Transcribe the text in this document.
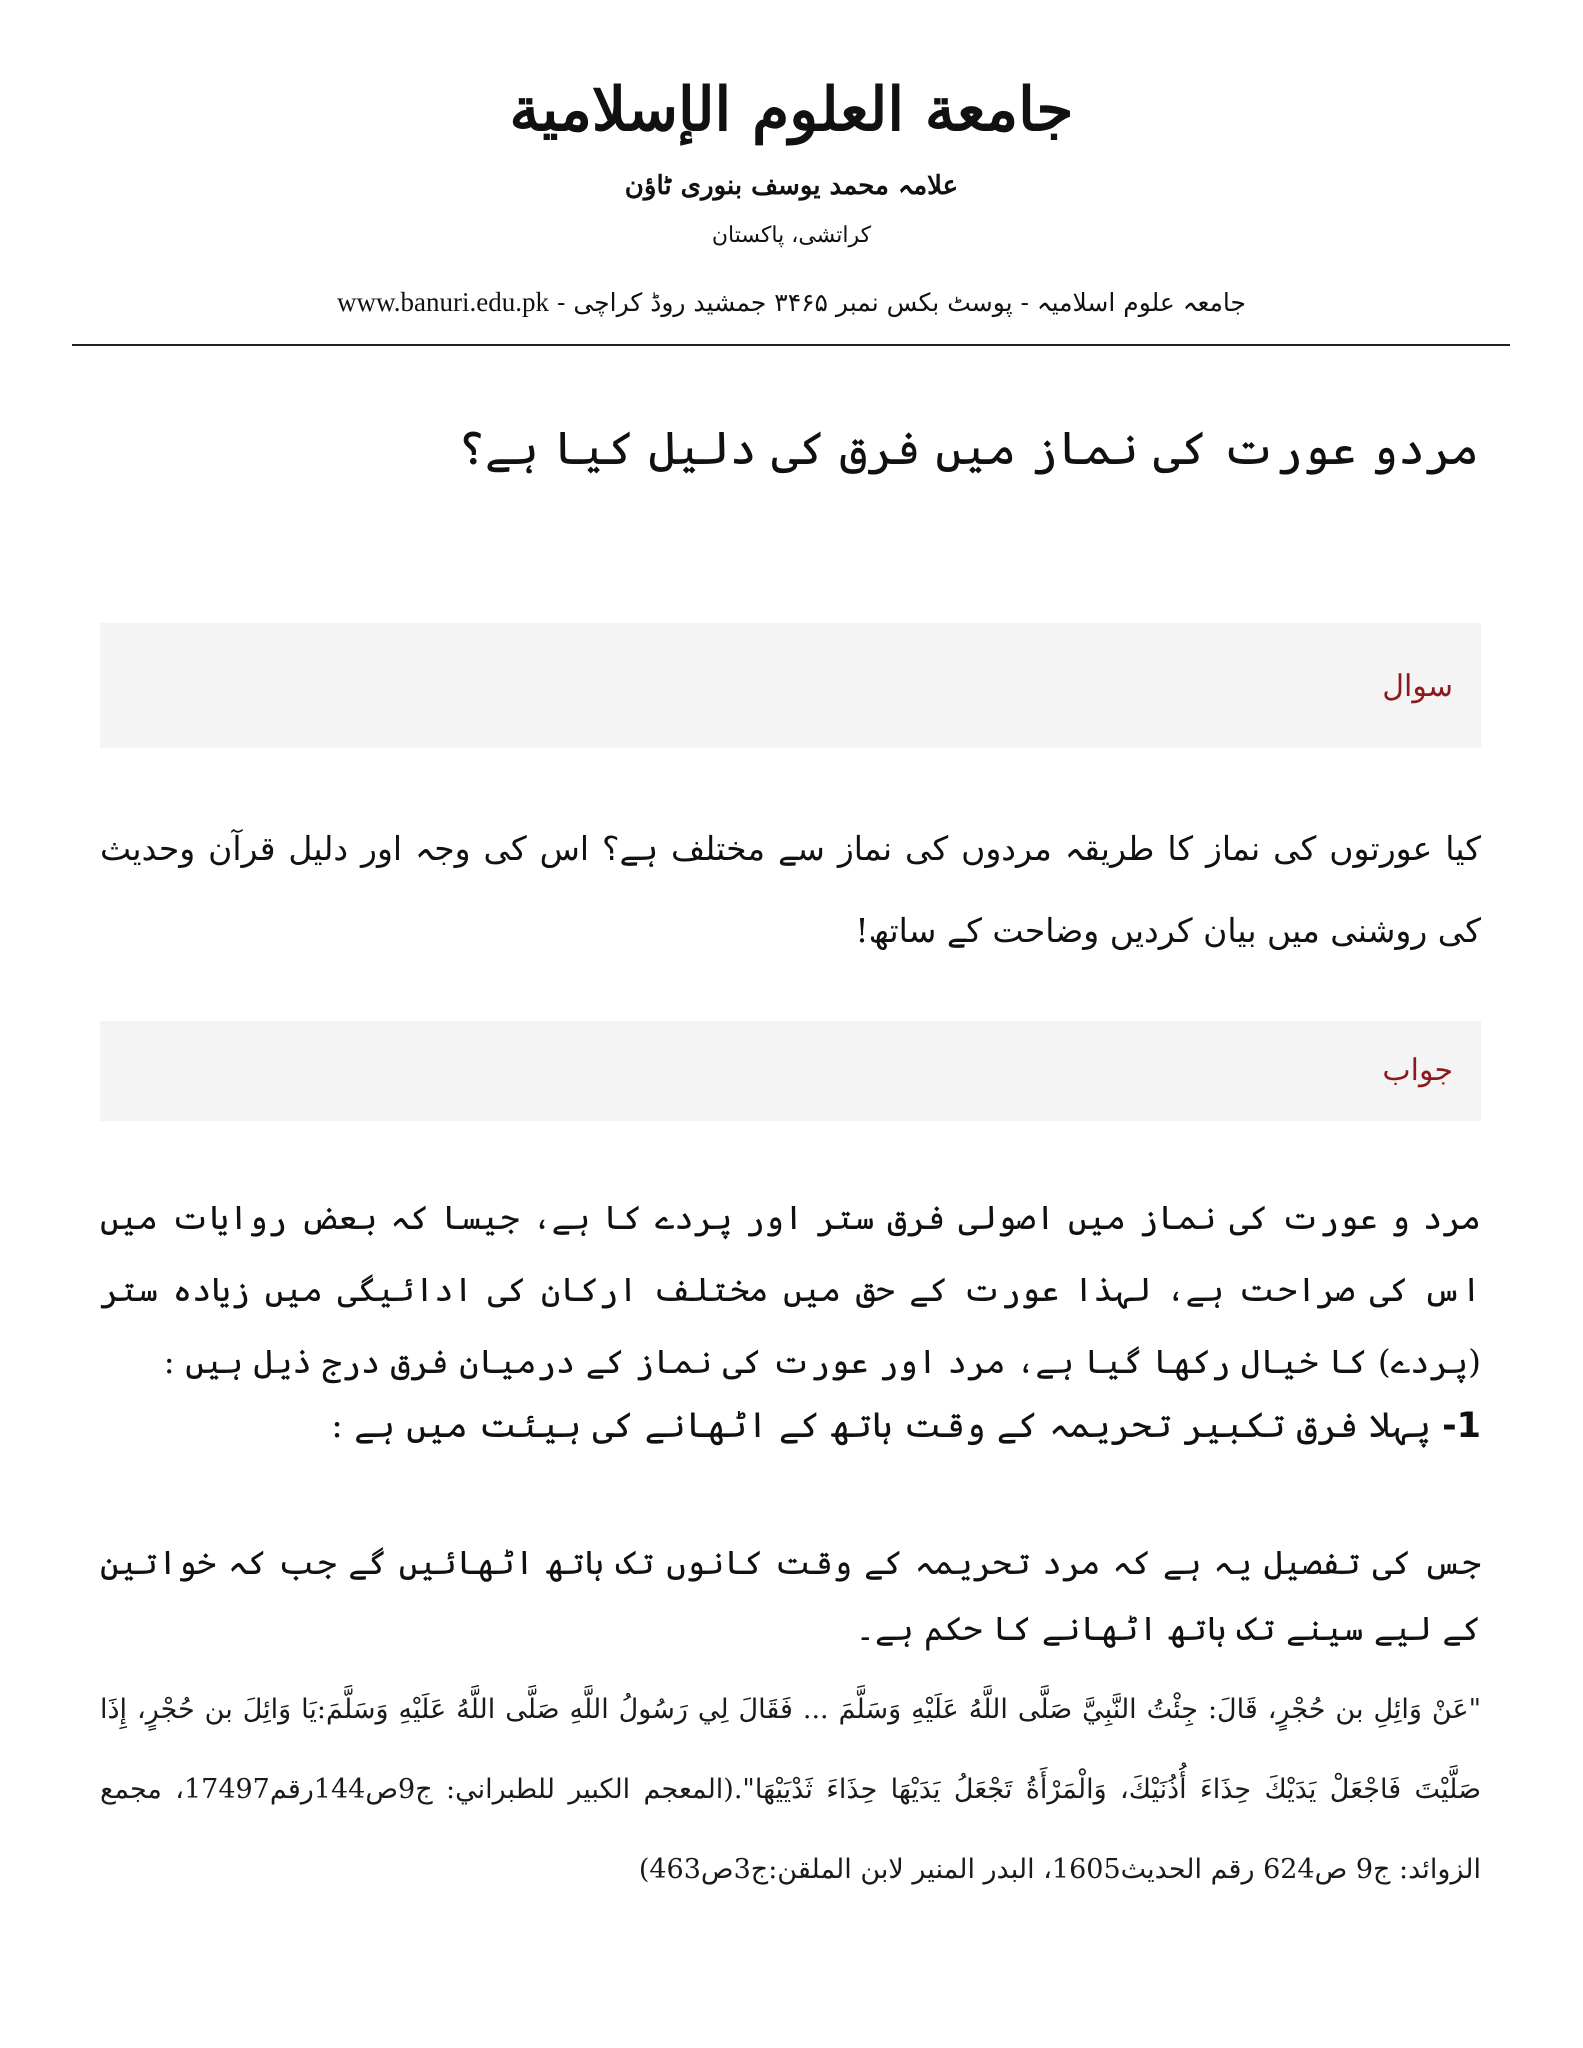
جامعة العلوم الإسلامية
علامہ محمد یوسف بنوری ٹاؤن
کراتشی، پاکستان
www.banuri.edu.pk جامعہ علوم اسلامیہ - پوسٹ بکس نمبر ۳۴۶۵ جمشید روڈ کراچی -
مردو عورت کی نماز میں فرق کی دلیل کیا ہے؟
سوال
کیا عورتوں کی نماز کا طریقہ مردوں کی نماز سے مختلف ہے؟ اس کی وجہ اور دلیل قرآن وحدیث کی روشنی میں بیان کردیں وضاحت کے ساتھ!
جواب
مرد و عورت کی نماز میں اصولی فرق ستر اور پردے کا ہے، جیسا کہ بعض روایات میں اس کی صراحت ہے، لہذا عورت کے حق میں مختلف ارکان کی ادائیگی میں زیادہ ستر (پردے) کا خیال رکھا گیا ہے، مرد اور عورت کی نماز کے درمیان فرق درج ذیل ہیں :
1- پہلا فرق تکبیر تحریمہ کے وقت ہاتھ کے اٹھانے کی ہیئت میں ہے :
جس کی تفصیل یہ ہے کہ مرد تحریمہ کے وقت کانوں تک ہاتھ اٹھائیں گے جب کہ خواتین کے لیے سینے تک ہاتھ اٹھانے کا حکم ہے۔
"عَنْ وَائِلِ بن حُجْرٍ، قَالَ: جِئْتُ النَّبِيَّ صَلَّى اللَّهُ عَلَيْهِ وَسَلَّمَ ... فَقَالَ لِي رَسُولُ اللَّهِ صَلَّى اللَّهُ عَلَيْهِ وَسَلَّمَ:يَا وَائِلَ بن حُجْرٍ، إِذَا صَلَّيْتَ فَاجْعَلْ يَدَيْكَ حِذَاءَ أُذُنَيْكَ، وَالْمَرْأَةُ تَجْعَلُ يَدَيْهَا حِذَاءَ ثَدْيَيْهَا".(المعجم الكبير للطبراني: ج9ص144رقم17497، مجمع الزوائد: ج9 ص624 رقم الحديث1605، البدر المنير لابن الملقن:ج3ص463)
